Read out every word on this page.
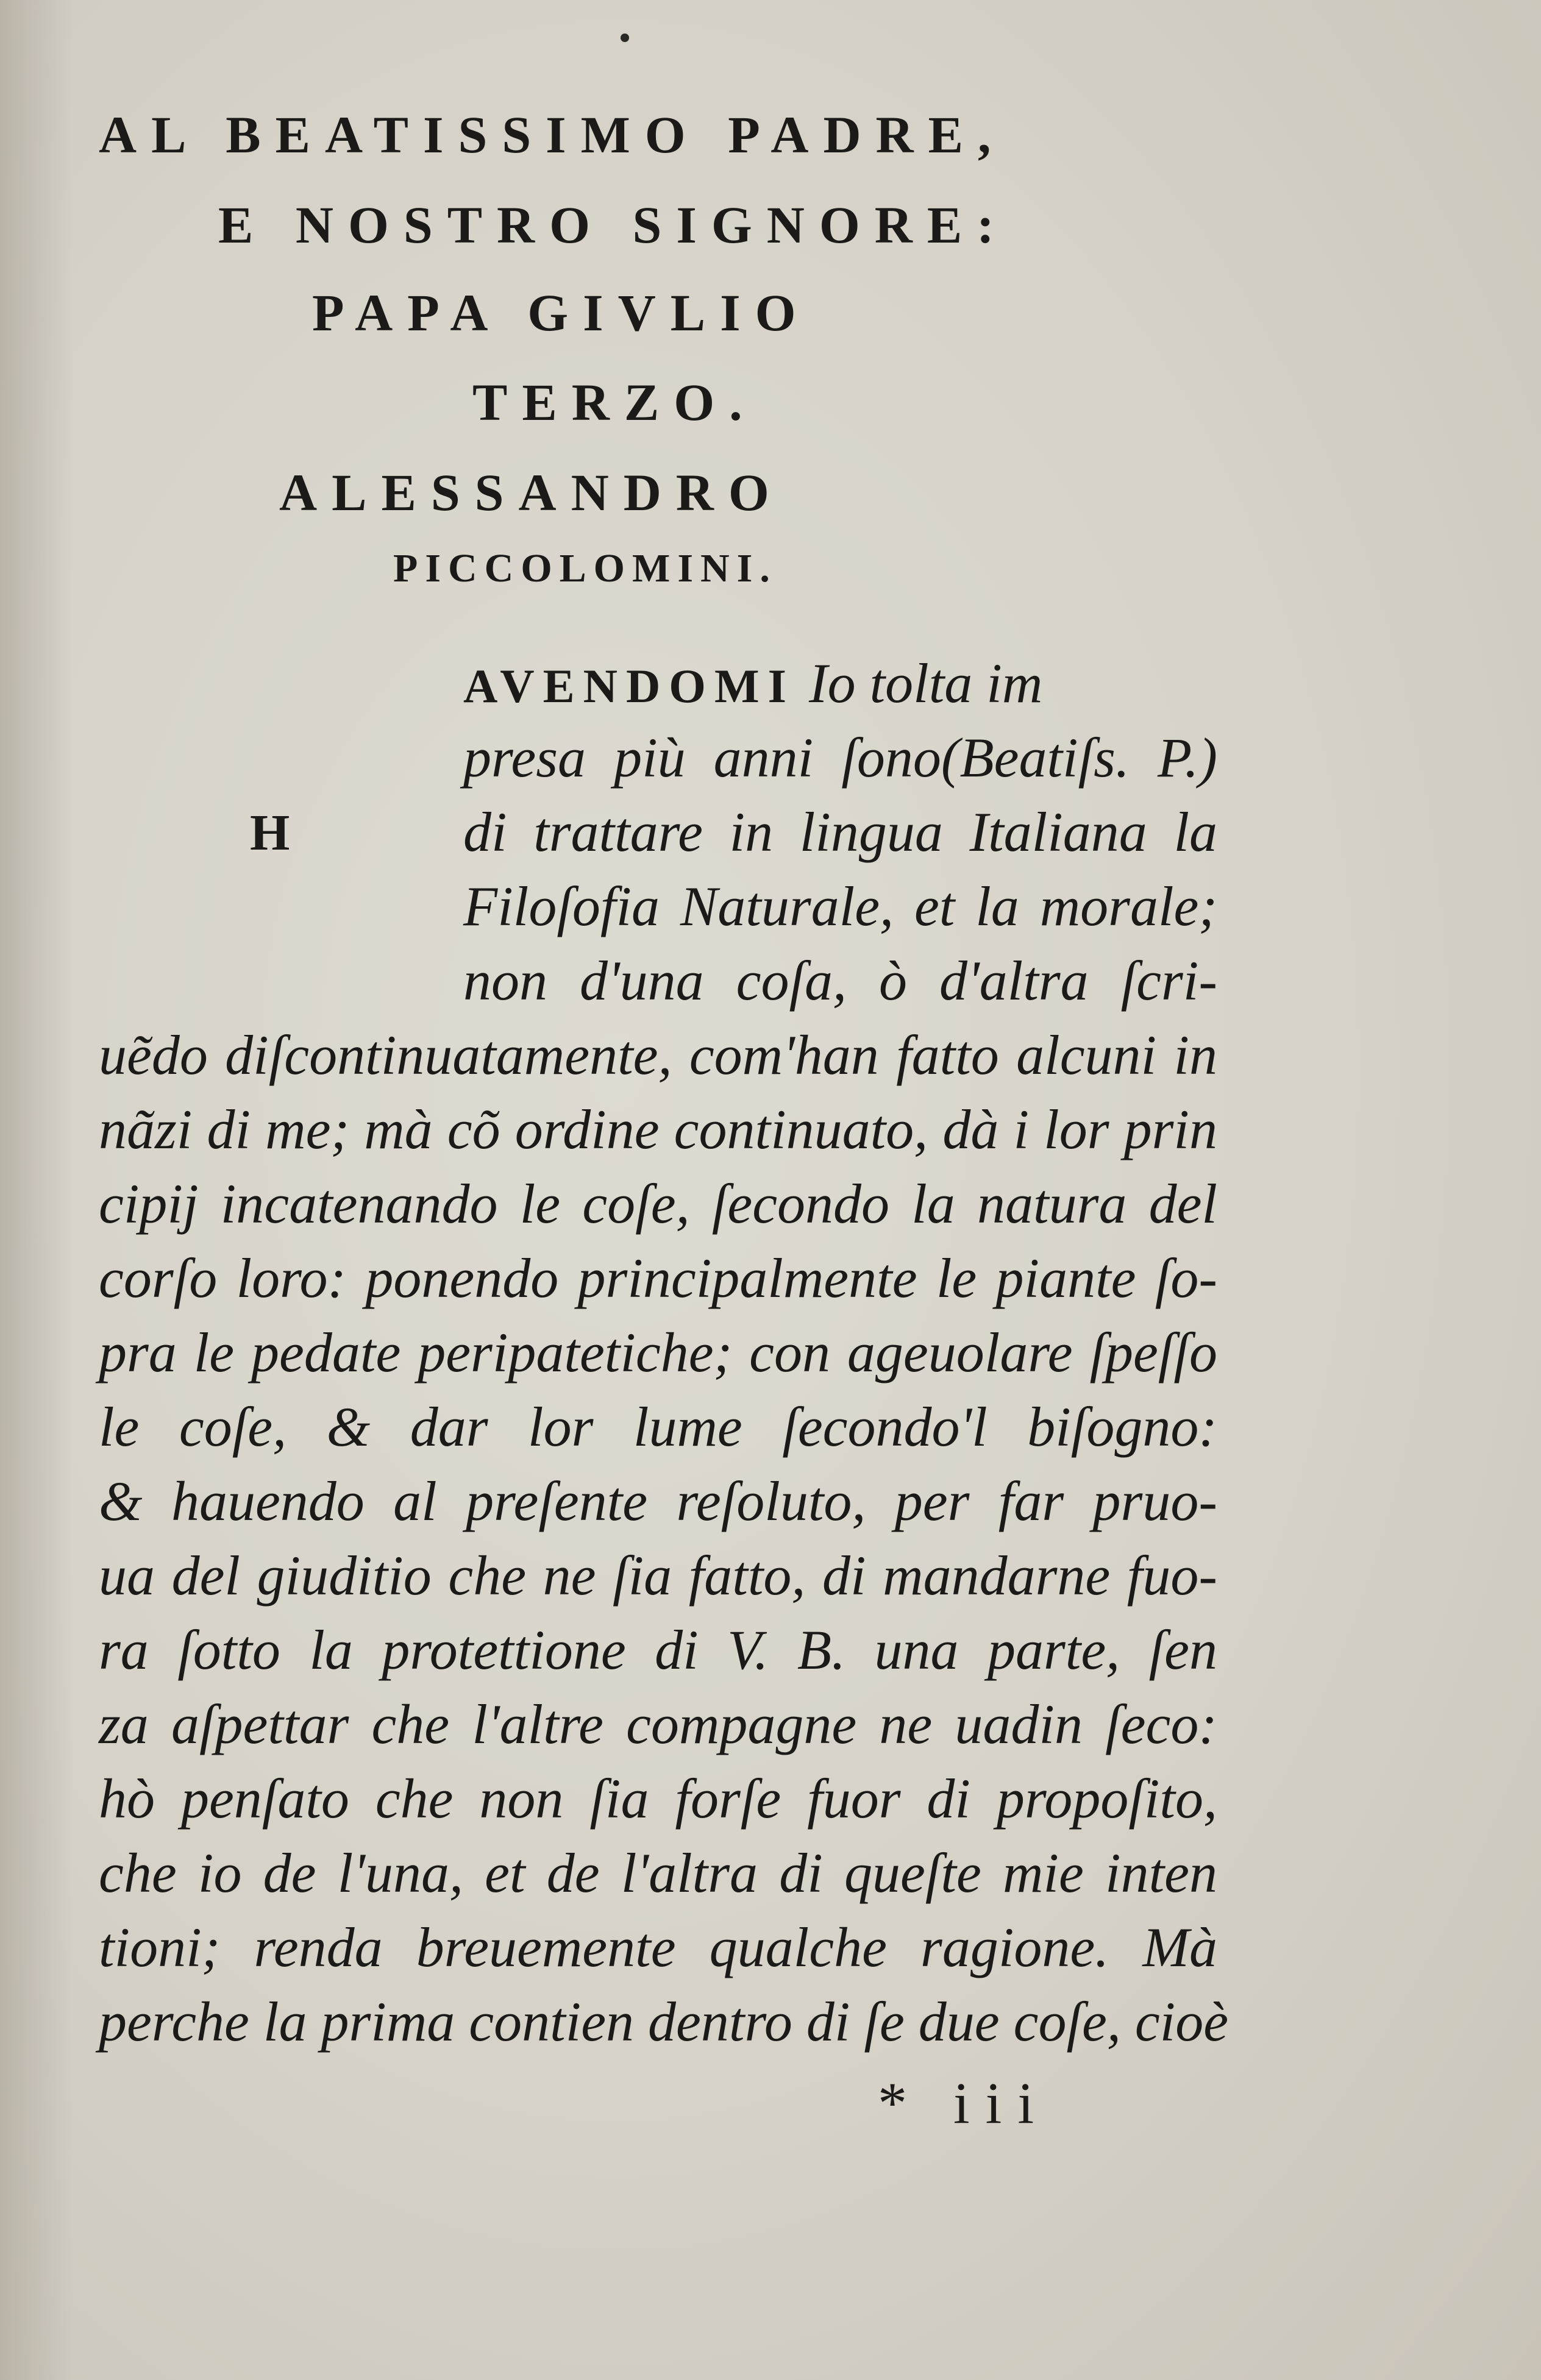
AL BEATISSIMO PADRE,
E NOSTRO SIGNORE:
PAPA GIVLIO
TERZO.
ALESSANDRO
PICCOLOMINI.
H
AVENDOMI Io tolta im
presa più anni ſono(Beatiſs. P.)
di trattare in lingua Italiana la
Filoſofia Naturale, et la morale;
non d'una coſa, ò d'altra ſcri-
uẽdo diſcontinuatamente, com'han fatto alcuni in
nãzi di me; mà cõ ordine continuato, dà i lor prin
cipij incatenando le coſe, ſecondo la natura del
corſo loro: ponendo principalmente le piante ſo-
pra le pedate peripatetiche; con ageuolare ſpeſſo
le coſe, & dar lor lume ſecondo'l biſogno:
& hauendo al preſente reſoluto, per far pruo-
ua del giuditio che ne ſia fatto, di mandarne fuo-
ra ſotto la protettione di V. B. una parte, ſen
za aſpettar che l'altre compagne ne uadin ſeco:
hò penſato che non ſia forſe fuor di propoſito,
che io de l'una, et de l'altra di queſte mie inten
tioni; renda breuemente qualche ragione. Mà
perche la prima contien dentro di ſe due coſe, cioè
* iii
